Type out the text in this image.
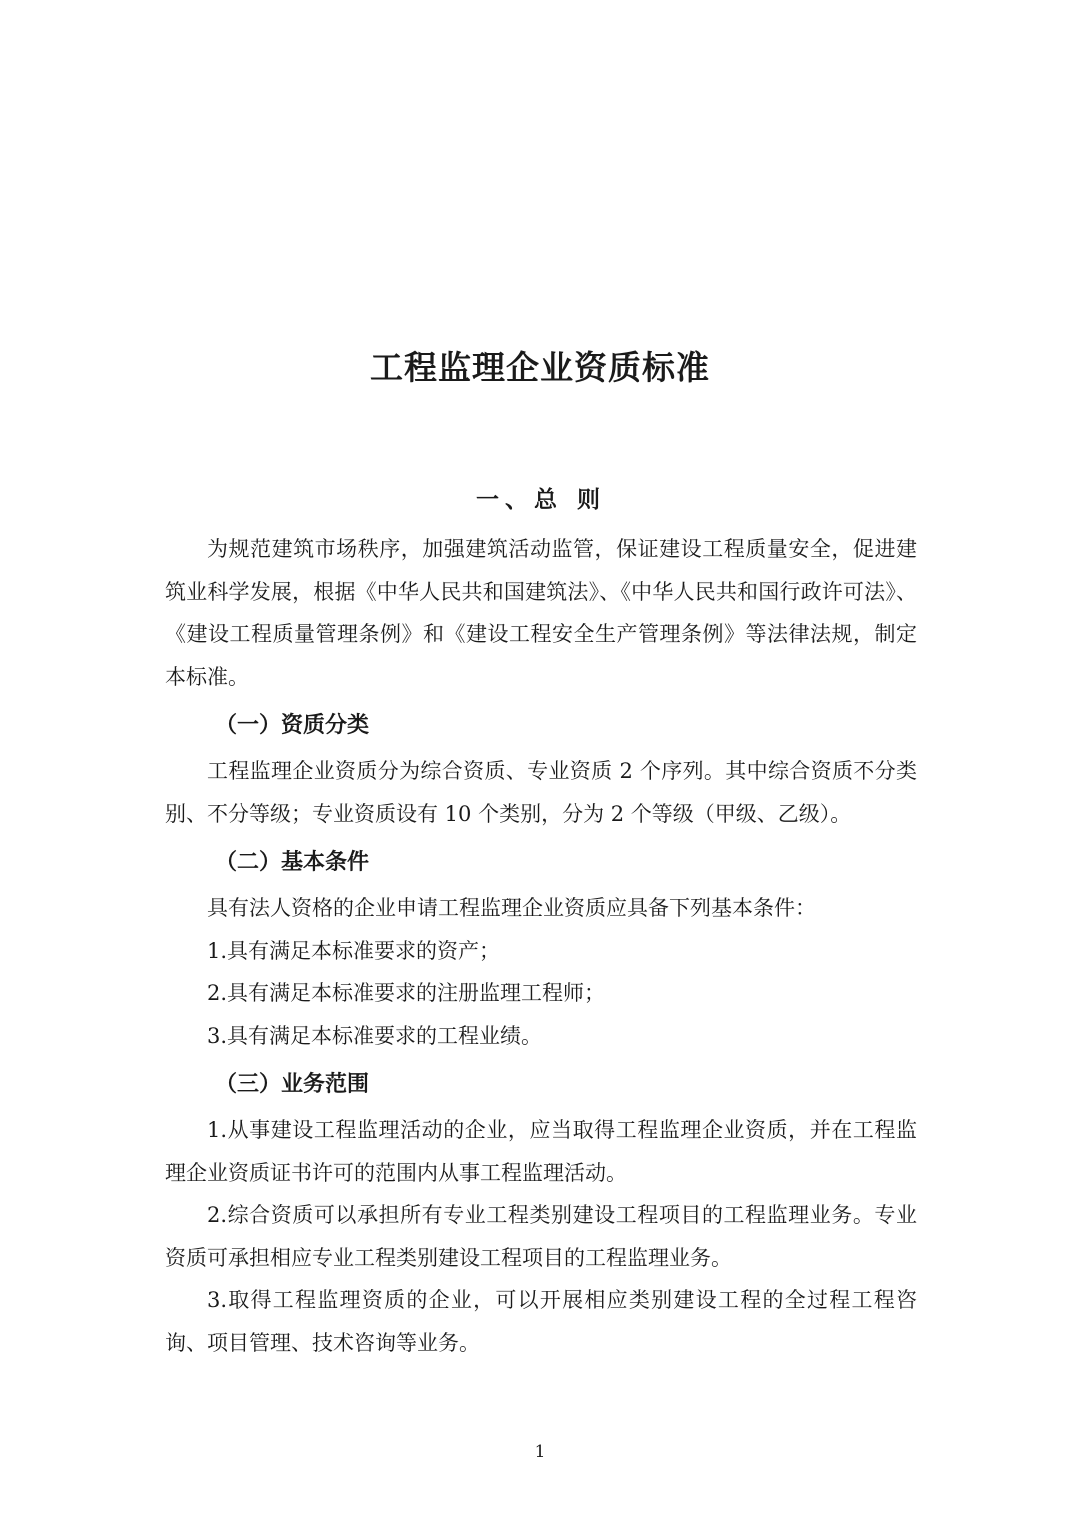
工程监理企业资质标准
一、总 则

为规范建筑市场秩序，加强建筑活动监管，保证建设工程质量安全，促进建筑业科学发展，根据《中华人民共和国建筑法》、《中华人民共和国行政许可法》、《建设工程质量管理条例》和《建设工程安全生产管理条例》等法律法规，制定本标准。

（一）资质分类

工程监理企业资质分为综合资质、专业资质 2 个序列。其中综合资质不分类别、不分等级；专业资质设有 10 个类别，分为 2 个等级（甲级、乙级）。

（二）基本条件

具有法人资格的企业申请工程监理企业资质应具备下列基本条件：

1.具有满足本标准要求的资产；

2.具有满足本标准要求的注册监理工程师；

3.具有满足本标准要求的工程业绩。

（三）业务范围

1.从事建设工程监理活动的企业，应当取得工程监理企业资质，并在工程监理企业资质证书许可的范围内从事工程监理活动。

2.综合资质可以承担所有专业工程类别建设工程项目的工程监理业务。专业资质可承担相应专业工程类别建设工程项目的工程监理业务。

3.取得工程监理资质的企业，可以开展相应类别建设工程的全过程工程咨询、项目管理、技术咨询等业务。

1
